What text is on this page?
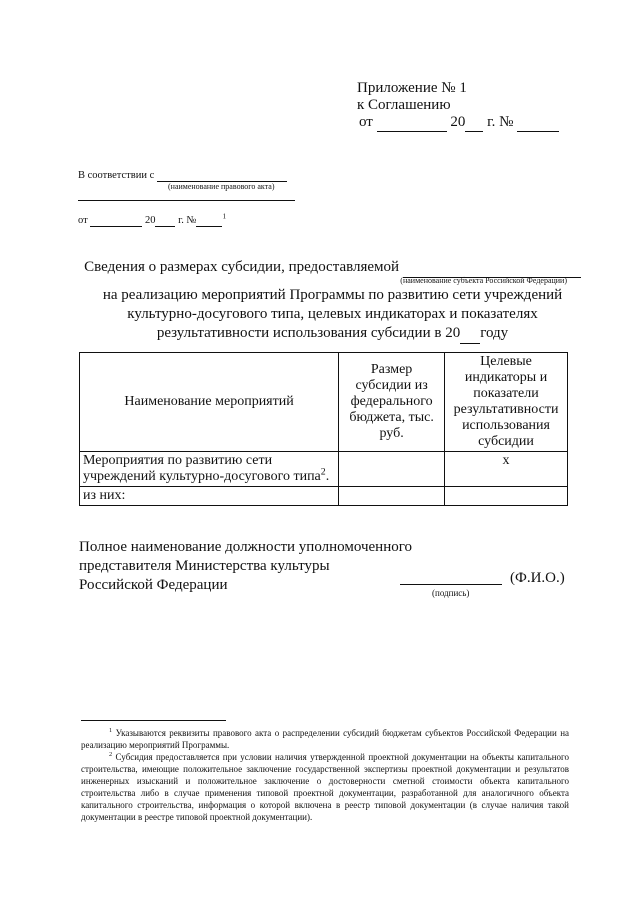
Приложение № 1
к Соглашению
от	20 г. №
В соответствии с
(наименование правового акта)
от	20 г. №	$^1$
Сведения о размерах субсидии, предоставляемой
(наименование субъекта Российской Федерации)
на реализацию мероприятий Программы по развитию сети учреждений
культурно-досугового типа, целевых индикаторах и показателях
результативности использования субсидии в 20 году
Наименование мероприятий	Размер субсидии из федерального бюджета, тыс. руб.	Целевые индикаторы и показатели результативности использования субсидии
Мероприятия по развитию сети учреждений культурно-досугового типа$^2$.		х
из них:		
Полное наименование должности уполномоченного
представителя Министерства культуры
Российской Федерации	(подпись)
(Ф.И.О.)

$^1$ Указываются реквизиты правового акта о распределении субсидий бюджетам субъектов Российской Федерации на реализацию мероприятий Программы.

$^2$ Субсидия предоставляется при условии наличия утвержденной проектной документации на объекты капитального строительства, имеющие положительное заключение государственной экспертизы проектной документации и результатов инженерных изысканий и положительное заключение о достоверности сметной стоимости объекта капитального строительства либо в случае применения типовой проектной документации, разработанной для аналогичного объекта капитального строительства, информация о которой включена в реестр типовой документации (в случае наличия такой документации в реестре типовой проектной документации).
